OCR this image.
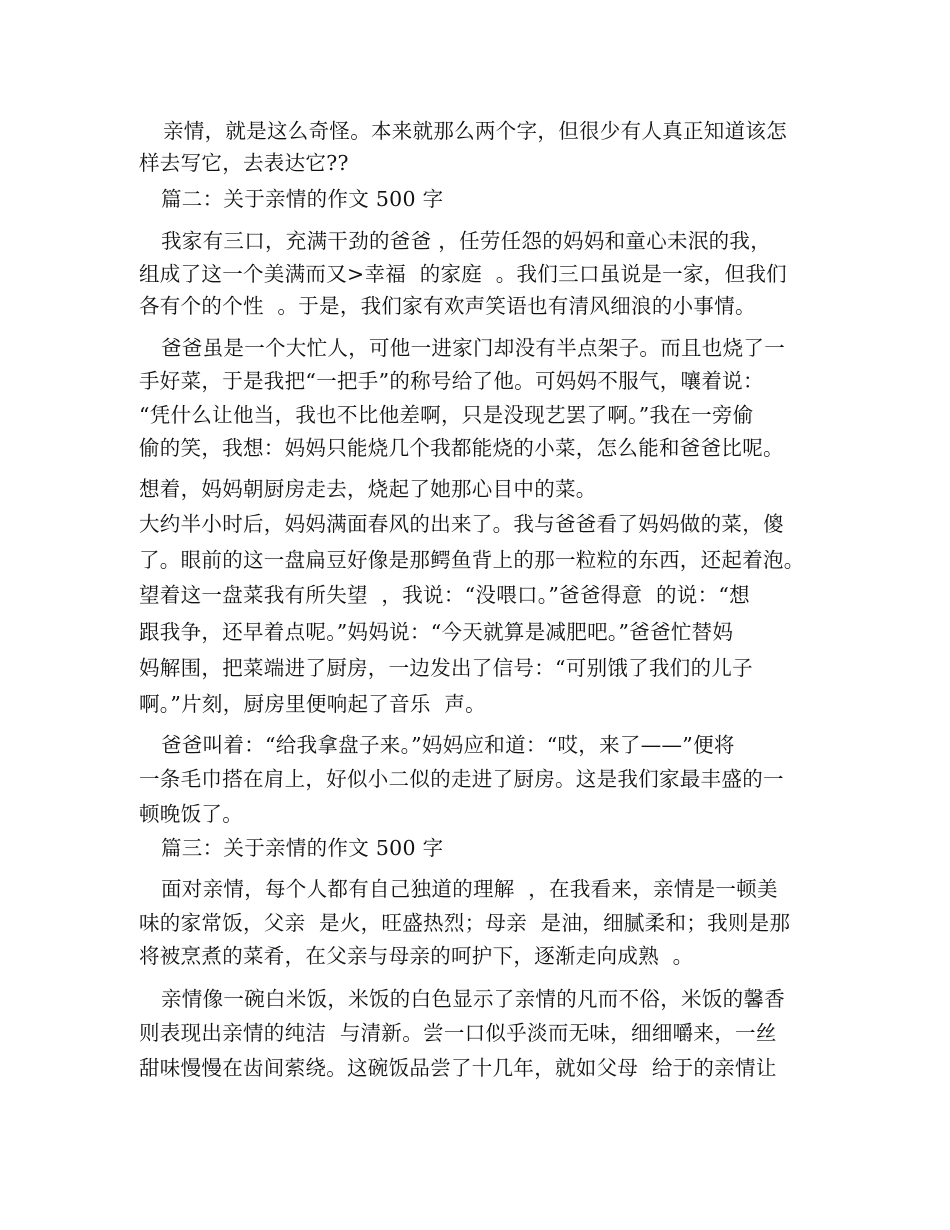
亲情，就是这么奇怪。本来就那么两个字，但很少有人真正知道该怎
样去写它，去表达它??
篇二：关于亲情的作文 500 字
我家有三口，充满干劲的爸爸 ，任劳任怨的妈妈和童心未泯的我，
组成了这一个美满而又>幸福  的家庭  。我们三口虽说是一家，但我们
各有个的个性  。于是，我们家有欢声笑语也有清风细浪的小事情。
爸爸虽是一个大忙人，可他一进家门却没有半点架子。而且也烧了一
手好菜，于是我把“一把手”的称号给了他。可妈妈不服气，嚷着说：
“凭什么让他当，我也不比他差啊，只是没现艺罢了啊。”我在一旁偷
偷的笑，我想：妈妈只能烧几个我都能烧的小菜，怎么能和爸爸比呢。
想着，妈妈朝厨房走去，烧起了她那心目中的菜。
大约半小时后，妈妈满面春风的出来了。我与爸爸看了妈妈做的菜，傻
了。眼前的这一盘扁豆好像是那鳄鱼背上的那一粒粒的东西，还起着泡。
望着这一盘菜我有所失望  ，我说：“没喂口。”爸爸得意  的说：“想
跟我争，还早着点呢。”妈妈说：“今天就算是减肥吧。”爸爸忙替妈
妈解围，把菜端进了厨房，一边发出了信号：“可别饿了我们的儿子
啊。”片刻，厨房里便响起了音乐  声。
爸爸叫着：“给我拿盘子来。”妈妈应和道：“哎，来了——”便将
一条毛巾搭在肩上，好似小二似的走进了厨房。这是我们家最丰盛的一
顿晚饭了。
篇三：关于亲情的作文 500 字
面对亲情，每个人都有自己独道的理解  ，在我看来，亲情是一顿美
味的家常饭，父亲  是火，旺盛热烈；母亲  是油，细腻柔和；我则是那
将被烹煮的菜肴，在父亲与母亲的呵护下，逐渐走向成熟  。
亲情像一碗白米饭，米饭的白色显示了亲情的凡而不俗，米饭的馨香
则表现出亲情的纯洁  与清新。尝一口似乎淡而无味，细细嚼来，一丝
甜味慢慢在齿间萦绕。这碗饭品尝了十几年，就如父母  给于的亲情让
